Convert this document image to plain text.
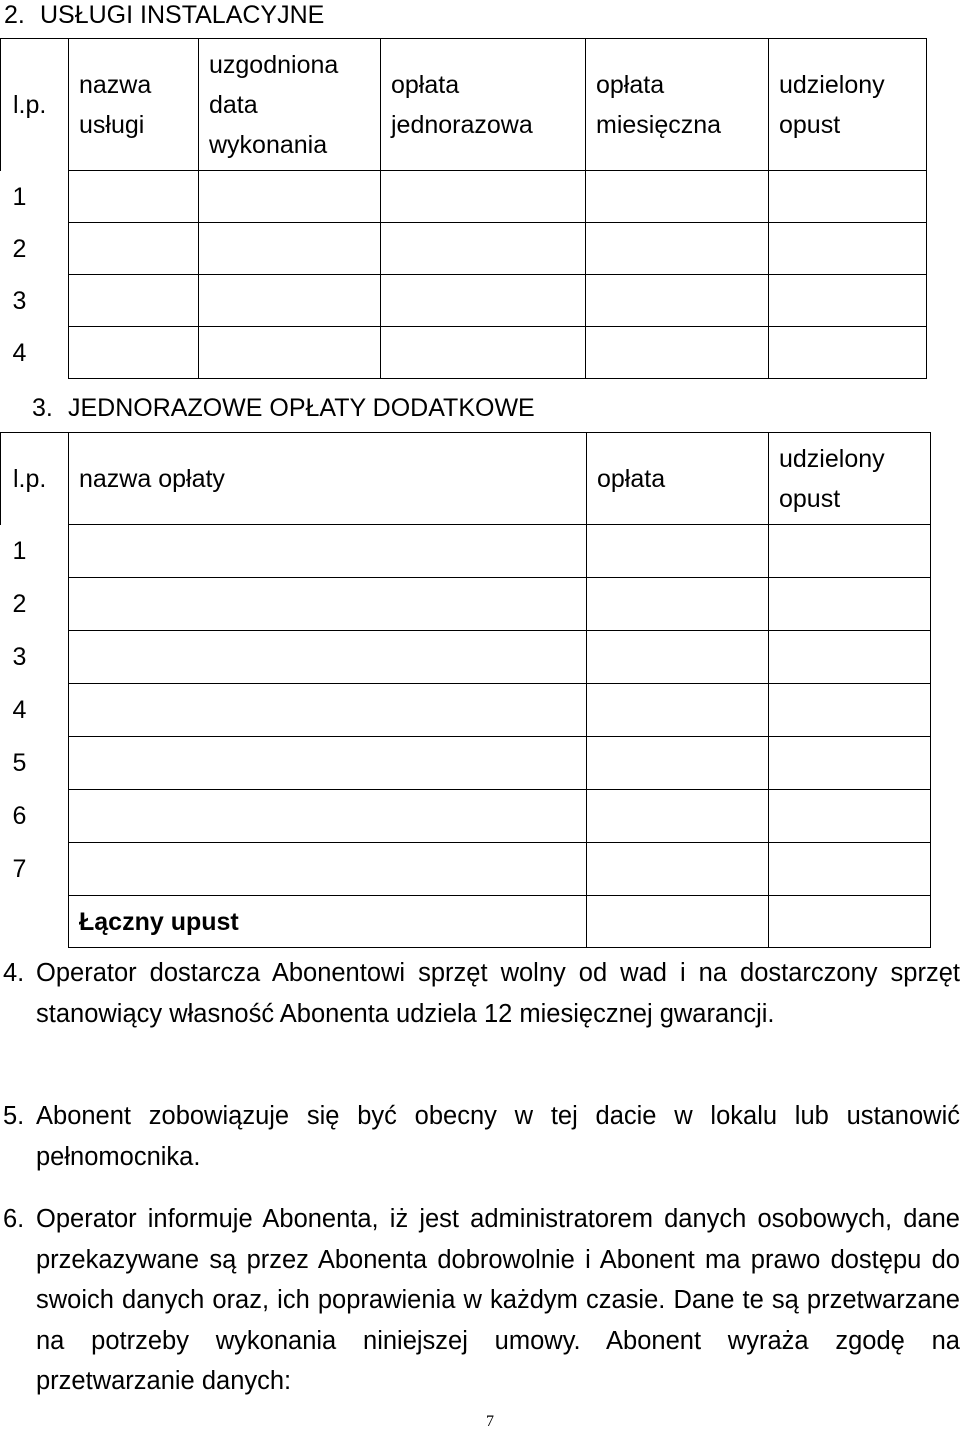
2. USŁUGI INSTALACYJNE
l.p.	nazwa usługi	uzgodniona data wykonania	opłata jednorazowa	opłata miesięczna	udzielony opust
1					
2					
3					
4					
3. JEDNORAZOWE OPŁATY DODATKOWE
l.p.	nazwa opłaty	opłata	udzielony opust
1			
2			
3			
4			
5			
6			
7			
	Łączny upust		
4. Operator dostarcza Abonentowi sprzęt wolny od wad i na dostarczony sprzęt stanowiący własność Abonenta udziela 12 miesięcznej gwarancji.
5. Abonent zobowiązuje się być obecny w tej dacie w lokalu lub ustanowić pełnomocnika.
6. Operator informuje Abonenta, iż jest administratorem danych osobowych, dane przekazywane są przez Abonenta dobrowolnie i Abonent ma prawo dostępu do swoich danych oraz, ich poprawienia w każdym czasie. Dane te są przetwarzane na potrzeby wykonania niniejszej umowy. Abonent wyraża zgodę na przetwarzanie danych:
7
